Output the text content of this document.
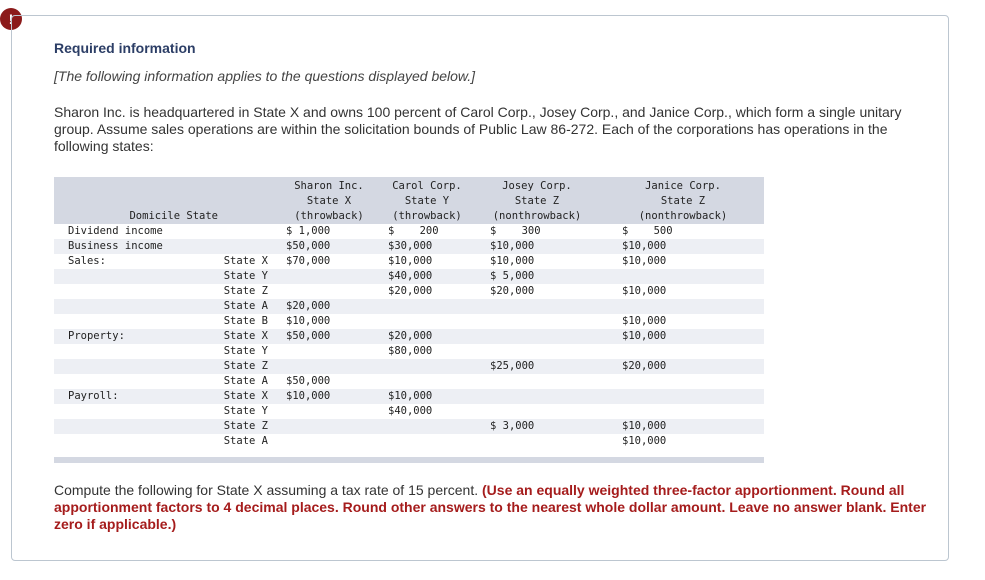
!
Required information
[The following information applies to the questions displayed below.]
Sharon Inc. is headquartered in State X and owns 100 percent of Carol Corp., Josey Corp., and Janice Corp., which form a single unitary group. Assume sales operations are within the solicitation bounds of Public Law 86-272. Each of the corporations has operations in the following states:
		Sharon Inc.	Carol Corp.	Josey Corp.	Janice Corp.
		State X	State Y	State Z	State Z
Domicile State		(throwback)	(throwback)	(nonthrowback)	(nonthrowback)
Dividend income		$ 1,000	$    200	$    300	$    500
Business income		$50,000	$30,000	$10,000	$10,000
Sales:	State X	$70,000	$10,000	$10,000	$10,000
	State Y		$40,000	$ 5,000	
	State Z		$20,000	$20,000	$10,000
	State A	$20,000			
	State B	$10,000			$10,000
Property:	State X	$50,000	$20,000		$10,000
	State Y		$80,000		
	State Z			$25,000	$20,000
	State A	$50,000			
Payroll:	State X	$10,000	$10,000		
	State Y		$40,000		
	State Z			$ 3,000	$10,000
	State A				$10,000
Compute the following for State X assuming a tax rate of 15 percent. (Use an equally weighted three-factor apportionment. Round all apportionment factors to 4 decimal places. Round other answers to the nearest whole dollar amount. Leave no answer blank. Enter zero if applicable.)
